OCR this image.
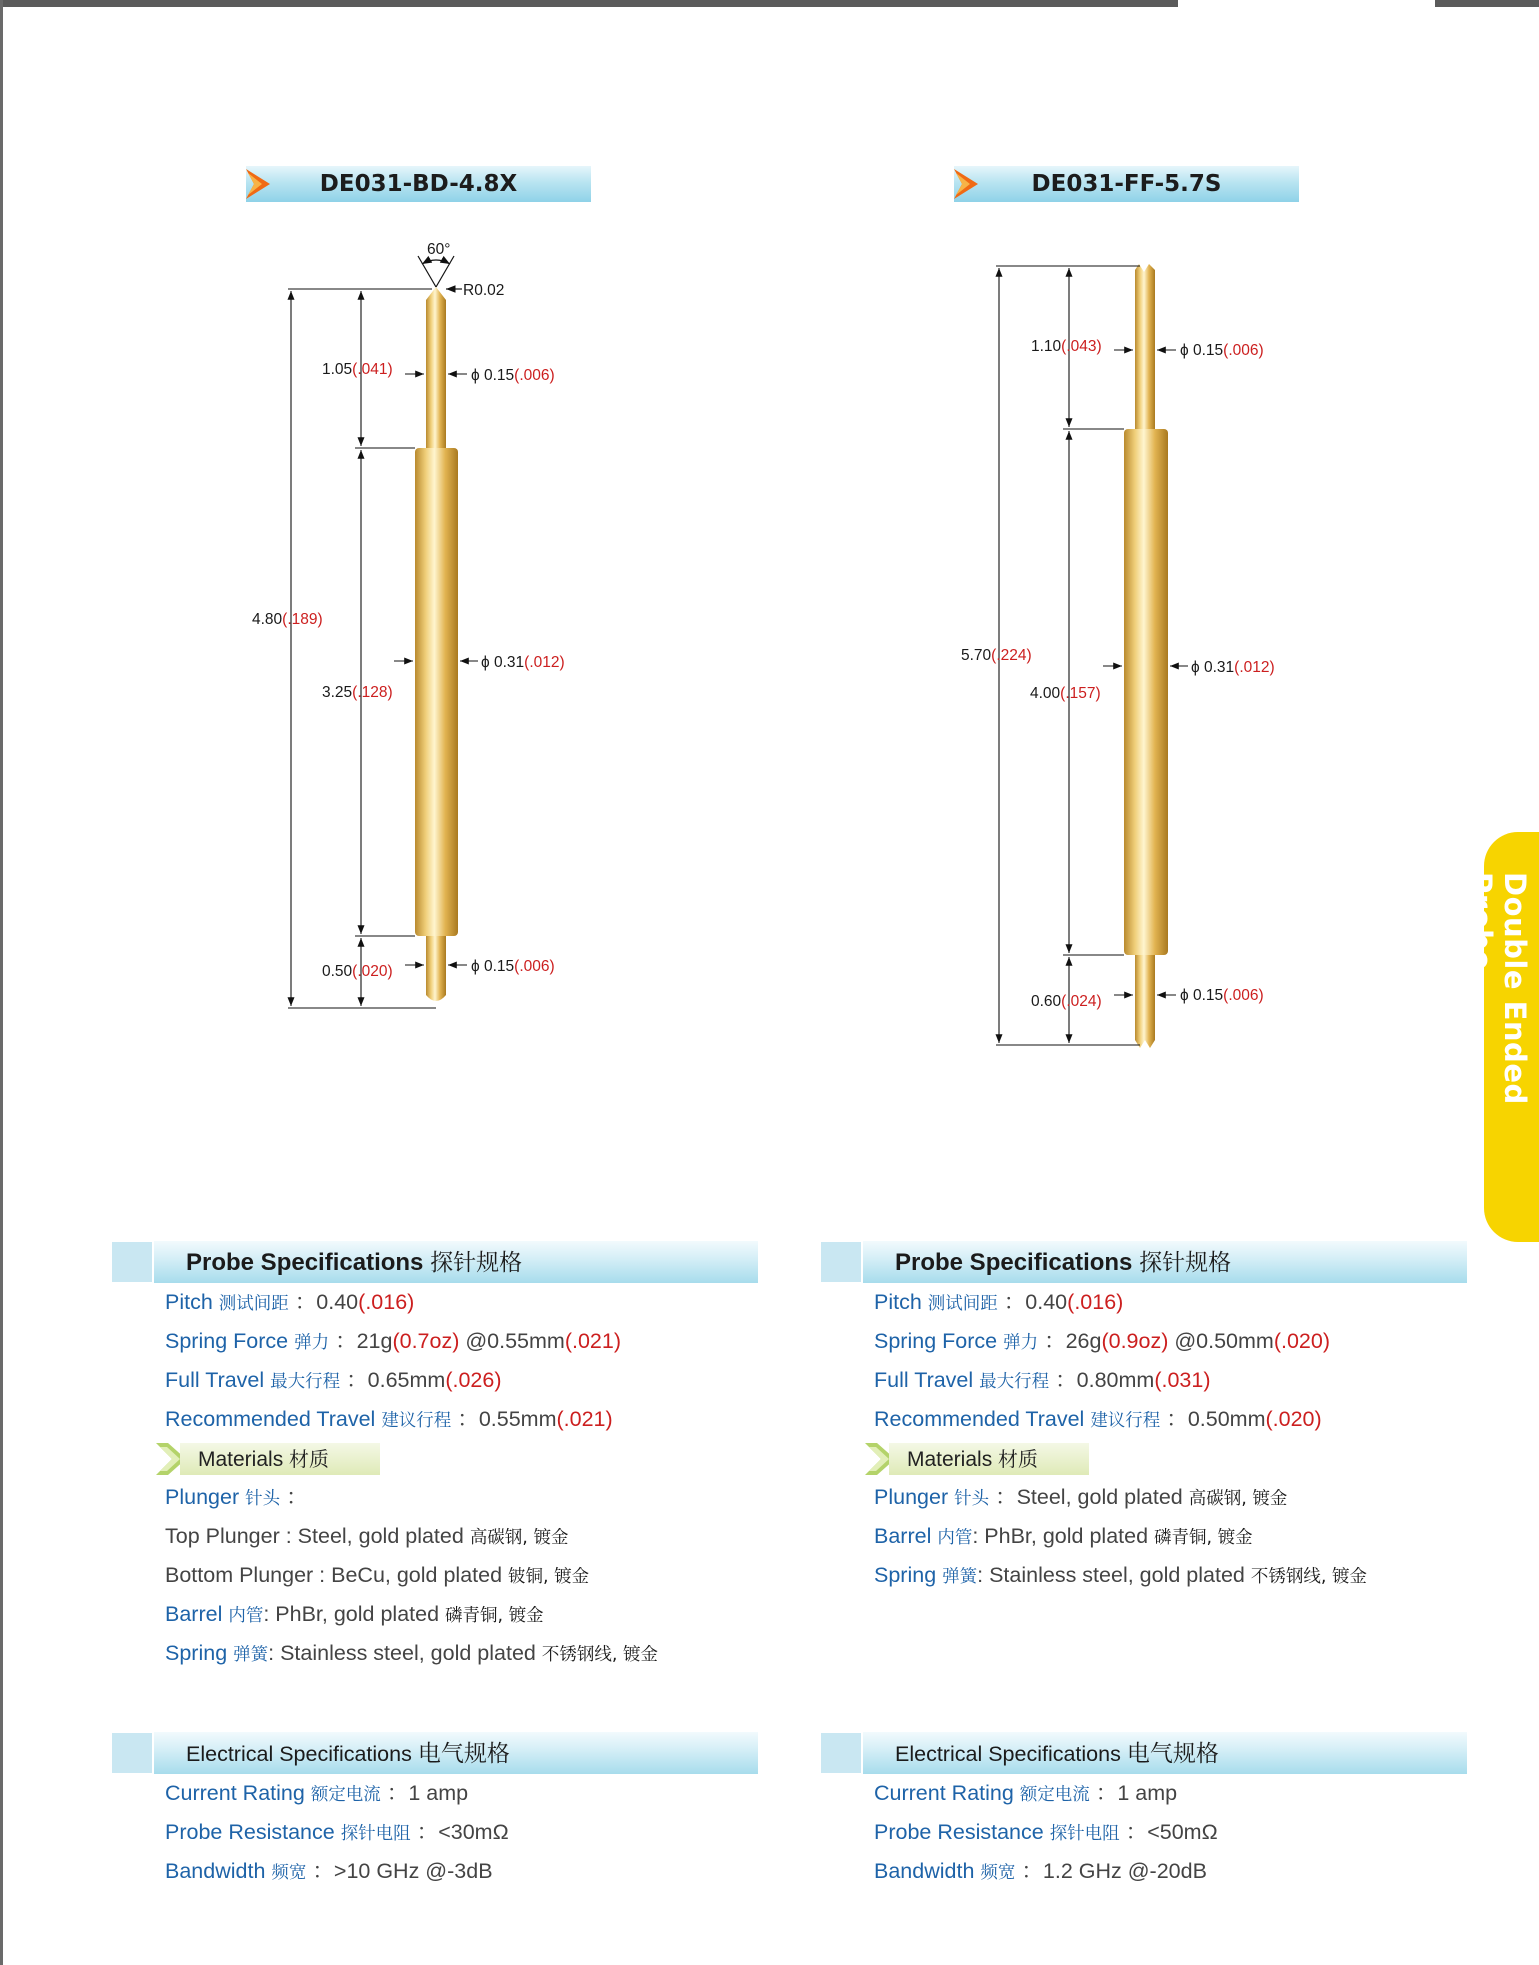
DE031-BD-4.8X	DE031-FF-5.7S
60°
R0.02
4.80(.189)
1.05(.041)
3.25(.128)
0.50(.020)
ϕ 0.15(.006)
ϕ 0.31(.012)
ϕ 0.15(.006)
5.70(.224)
1.10(.043)
4.00(.157)
0.60(.024)
ϕ 0.15(.006)
ϕ 0.31(.012)
ϕ 0.15(.006)	Double Ended Probe
Probe Specifications 探针规格
Pitch 测试间距 ：0.40(.016)
Spring Force 弹力 ：21g(0.7oz) @0.55mm(.021)
Full Travel 最大行程 ：0.65mm(.026)
Recommended Travel 建议行程 ：0.55mm(.021)
Materials 材质
Plunger 针头 ：
Top Plunger : Steel, gold plated 高碳钢, 镀金
Bottom Plunger : BeCu, gold plated 铍铜, 镀金
Barrel 内管: PhBr, gold plated 磷青铜, 镀金
Spring 弹簧: Stainless steel, gold plated 不锈钢线, 镀金
Electrical Specifications 电气规格
Current Rating 额定电流 ：1 amp
Probe Resistance 探针电阻 ：<30mΩ
Bandwidth 频宽 ：>10 GHz @-3dB
Probe Specifications 探针规格
Pitch 测试间距 ：0.40(.016)
Spring Force 弹力 ：26g(0.9oz) @0.50mm(.020)
Full Travel 最大行程 ：0.80mm(.031)
Recommended Travel 建议行程 ：0.50mm(.020)
Materials 材质
Plunger 针头 ：Steel, gold plated 高碳钢, 镀金
Barrel 内管: PhBr, gold plated 磷青铜, 镀金
Spring 弹簧: Stainless steel, gold plated 不锈钢线, 镀金
Electrical Specifications 电气规格
Current Rating 额定电流 ：1 amp
Probe Resistance 探针电阻 ：<50mΩ
Bandwidth 频宽 ：1.2 GHz @-20dB
